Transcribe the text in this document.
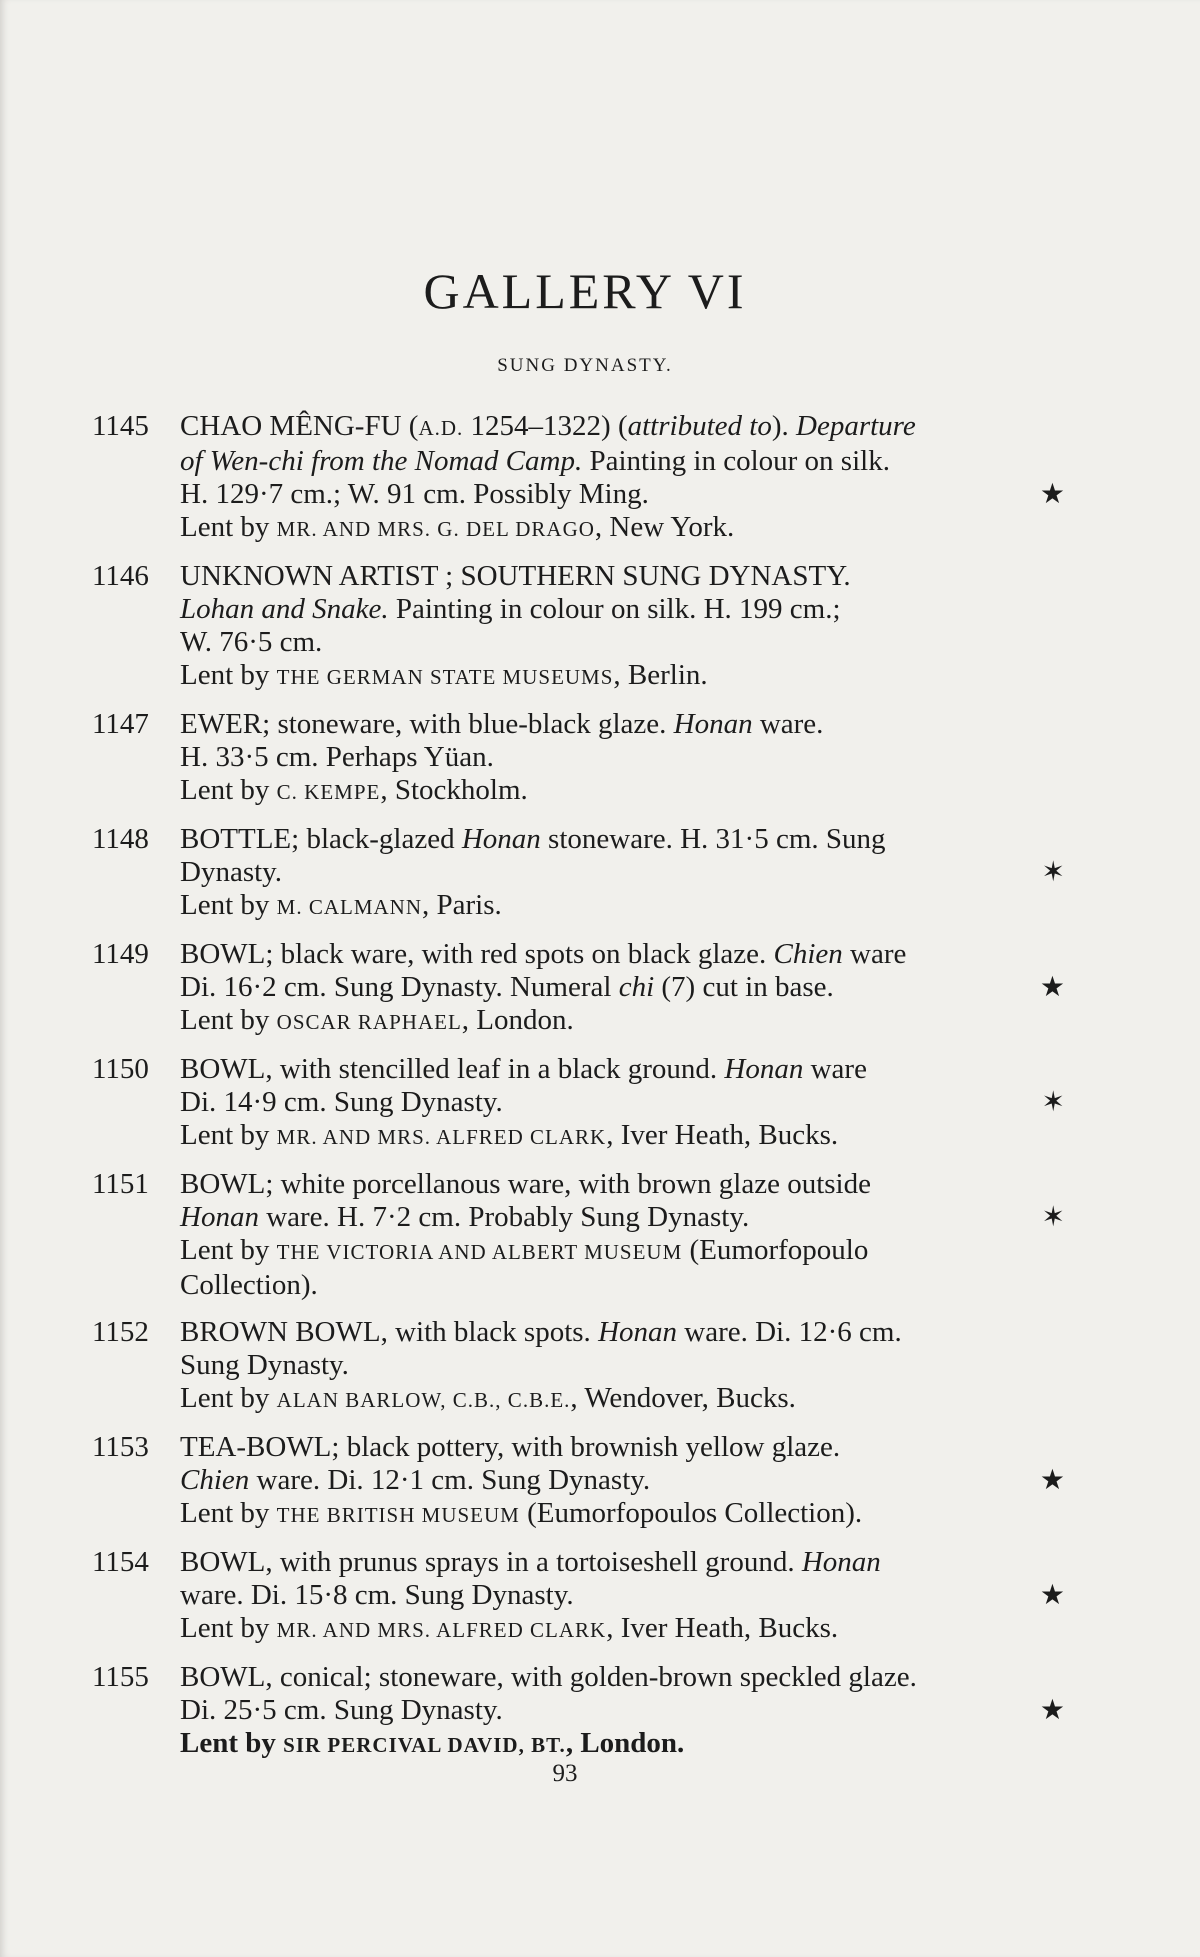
GALLERY VI
SUNG DYNASTY.
1145 CHAO MÊNG-FU (A.D. 1254–1322) (attributed to). Departure
of Wen-chi from the Nomad Camp. Painting in colour on silk.
H. 129·7 cm.; W. 91 cm. Possibly Ming.	★
Lent by MR. AND MRS. G. DEL DRAGO, New York.
1146 UNKNOWN ARTIST ; SOUTHERN SUNG DYNASTY.
Lohan and Snake. Painting in colour on silk. H. 199 cm.;
W. 76·5 cm.
Lent by THE GERMAN STATE MUSEUMS, Berlin.
1147 EWER; stoneware, with blue-black glaze. Honan ware.
H. 33·5 cm. Perhaps Yüan.
Lent by C. KEMPE, Stockholm.
1148 BOTTLE; black-glazed Honan stoneware. H. 31·5 cm. Sung
Dynasty.	✶
Lent by M. CALMANN, Paris.
1149 BOWL; black ware, with red spots on black glaze. Chien ware
Di. 16·2 cm. Sung Dynasty. Numeral chi (7) cut in base.	★
Lent by OSCAR RAPHAEL, London.
1150 BOWL, with stencilled leaf in a black ground. Honan ware
Di. 14·9 cm. Sung Dynasty.	✶
Lent by MR. AND MRS. ALFRED CLARK, Iver Heath, Bucks.
1151 BOWL; white porcellanous ware, with brown glaze outside
Honan ware. H. 7·2 cm. Probably Sung Dynasty.	✶
Lent by THE VICTORIA AND ALBERT MUSEUM (Eumorfopoulo
Collection).
1152 BROWN BOWL, with black spots. Honan ware. Di. 12·6 cm.
Sung Dynasty.
Lent by ALAN BARLOW, C.B., C.B.E., Wendover, Bucks.
1153 TEA-BOWL; black pottery, with brownish yellow glaze.
Chien ware. Di. 12·1 cm. Sung Dynasty.	★
Lent by THE BRITISH MUSEUM (Eumorfopoulos Collection).
1154 BOWL, with prunus sprays in a tortoiseshell ground. Honan
ware. Di. 15·8 cm. Sung Dynasty.	★
Lent by MR. AND MRS. ALFRED CLARK, Iver Heath, Bucks.
1155 BOWL, conical; stoneware, with golden-brown speckled glaze.
Di. 25·5 cm. Sung Dynasty.	★
Lent by SIR PERCIVAL DAVID, BT., London.
93
